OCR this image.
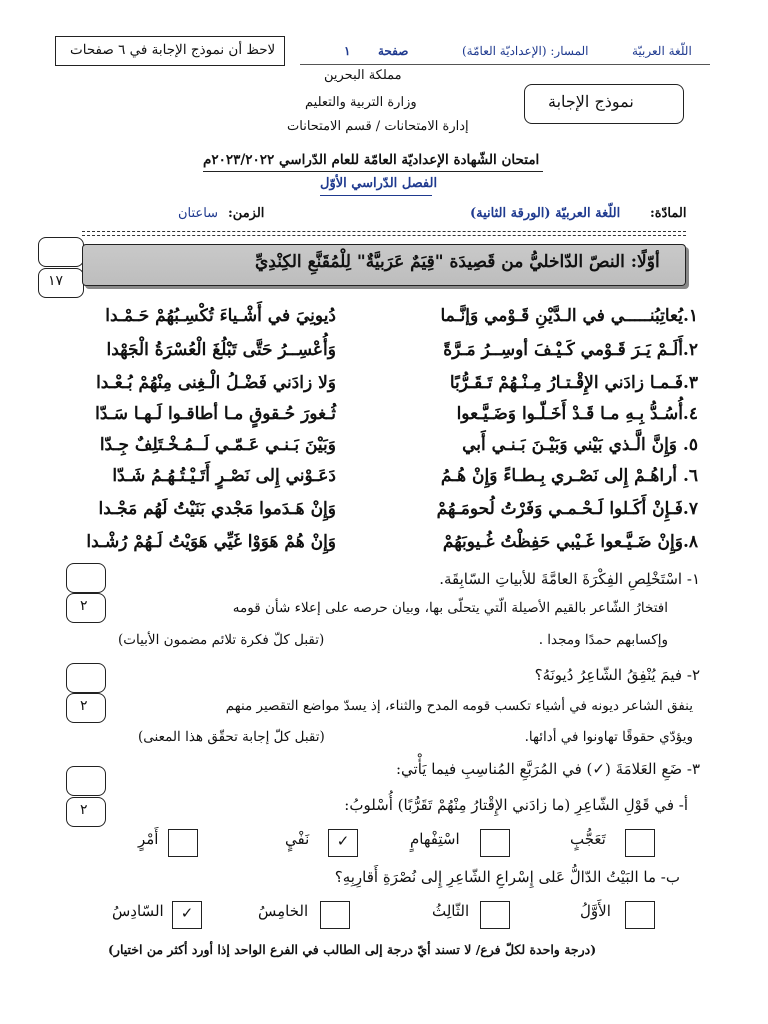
لاحظ أن نموذج الإجابة في ٦ صفحات	صفحة
١	المسار: (الإعداديّة العامّة)	اللّغة العربيّة
مملكة البحرين
وزارة التربية والتعليم
إدارة الامتحانات / قسم الامتحانات
نموذج الإجابة
امتحان الشّهادة الإعداديّة العامّة للعام الدّراسي ٢٠٢٣/٢٠٢٢م
الفصل الدّراسي الأوّل
المادّة:
اللّغة العربيّة (الورقة الثانية)
الزمن:
ساعتان
١٧
أوّلًا: النصّ الدّاخليُّ من قَصِيدَة "قِيَمٌ عَرَبيَّةٌ" لِلْمُقَنَّعِ الكِنْدِيِّ
١.يُعاتِبُنـــــي في الـدَّيْنِ قَـوْمي وَإنَّـما
دُيونِيَ في أَشْـياءَ تُكْسِـبُهُمْ حَـمْـدا
٢.أَلَـمْ يَـرَ قَـوْمي كَـيْـفَ أوسِــرُ مَـرَّةً
وَأُعْسِــرُ حَتَّى تَبْلُغَ الْعُسْرَةُ الْجَهْدا
٣.فَـمـا زادَني الإِقْـتـارُ مِـنْـهُمْ تَـقَـرُّبًا
وَلا زادَني فَضْـلُ الْـغِنى مِنْهُمْ بُـعْـدا
٤.أُسُـدُّ بِـهِ مـا قَـدْ أَخَـلّـوا وَضَـيَّـعوا
ثُـغورَ حُـقوقٍ مـا أطاقـوا لَـهـا سَـدّا
٥. وَإِنَّ الَّـذي بَيْني وَبَيْـنَ بَـنـي أَبي
وَبَيْنَ بَـنـي عَـمّـي لَــمُـخْـتَلِفٌ جِـدّا
٦. أراهُـمْ إِلى نَصْـري بِـطـاءً وَإِنْ هُـمُ
دَعَـوْني إِلى نَصْـرٍ أَتَـيْـتُـهُـمُ شَـدّا
٧.فَـإِنْ أَكَـلوا لَـحْـمـي وَفَرْتُ لُحومَـهُمْ
وَإِنْ هَـدَموا مَجْدي بَنَيْتُ لَهُم مَجْـدا
٨.وَإِنْ ضَـيَّـعوا غَـيْبي حَفِظْتُ غُـيوبَهُمْ
وَإِنْ هُمْ هَوَوْا غَيِّي هَوَيْتُ لَـهُمْ رُشْـدا
٢
١- اسْتَخْلِصِ الفِكْرَةَ العامَّةَ للأبياتِ السّابِقَة.
افتخارُ الشّاعر بالقيم الأصيلة الّتي يتحلّى بها، وبيان حرصه على إعلاء شأن قومه
وإكسابهم حمدًا ومجدا .
(تقبل كلّ فكرة تلائم مضمون الأبيات)
٢
٢- فيمَ يُنْفِقُ الشّاعِرُ دُيونَهُ؟
ينفق الشاعر ديونه في أشياء تكسب قومه المدح والثناء، إذ يسدّ مواضع التقصير منهم
ويؤدّي حقوقًا تهاونوا في أدائها.
(تقبل كلّ إجابة تحقّق هذا المعنى)
٢
٣- ضَعِ العَلامَةَ (✓) في المُرَبَّعِ المُناسِبِ فيما يَأْتي:
أ- في قَوْلِ الشّاعِرِ (ما زادَني الإِقْتارُ مِنْهُمْ تَقَرُّبًا) أُسْلوبُ:
تَعَجُّبٍ
اسْتِفْهامٍ
✓
نَفْيٍ
أَمْرٍ
ب- ما البَيْتُ الدّالُّ عَلى إِسْراعِ الشّاعِرِ إِلى نُصْرَةِ أَقارِبِهِ؟
الأَوَّلُ
الثّالِثُ
الخامِسُ
✓
السّادِسُ
(درجة واحدة لكلّ فرع/ لا تسند أيّ درجة إلى الطالب في الفرع الواحد إذا أورد أكثر من اختيار)
